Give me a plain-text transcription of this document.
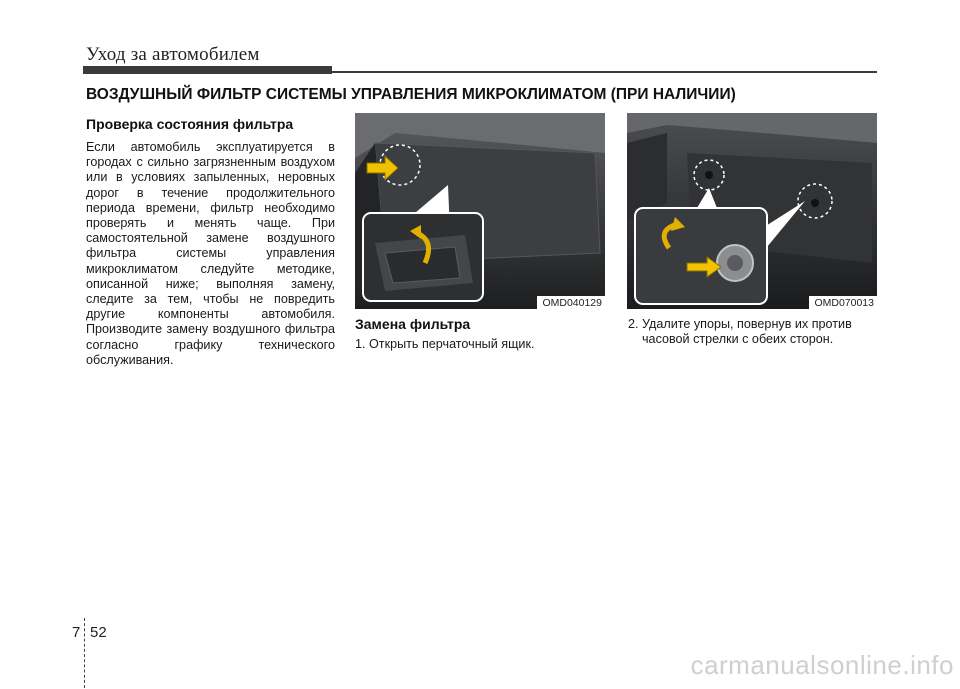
Уход за автомобилем
ВОЗДУШНЫЙ ФИЛЬТР СИСТЕМЫ УПРАВЛЕНИЯ МИКРОКЛИМАТОМ (ПРИ НАЛИЧИИ)
Проверка состояния фильтра
Если автомобиль эксплуатируется в городах с сильно загрязненным воздухом или в условиях запыленных, неровных дорог в течение продолжительного периода времени, фильтр необходимо проверять и менять чаще. При самостоятельной замене воздушного фильтра системы управления микроклиматом следуйте методике, описанной ниже; выполняя замену, следите за тем, чтобы не повредить другие компоненты автомобиля. Производите замену воздушного фильтра согласно графику технического обслуживания.
OMD040129
Замена фильтра
1. Открыть перчаточный ящик.
OMD070013
2. Удалите упоры, повернув их против часовой стрелки с обеих сторон.
7 52
carmanualsonline.info
